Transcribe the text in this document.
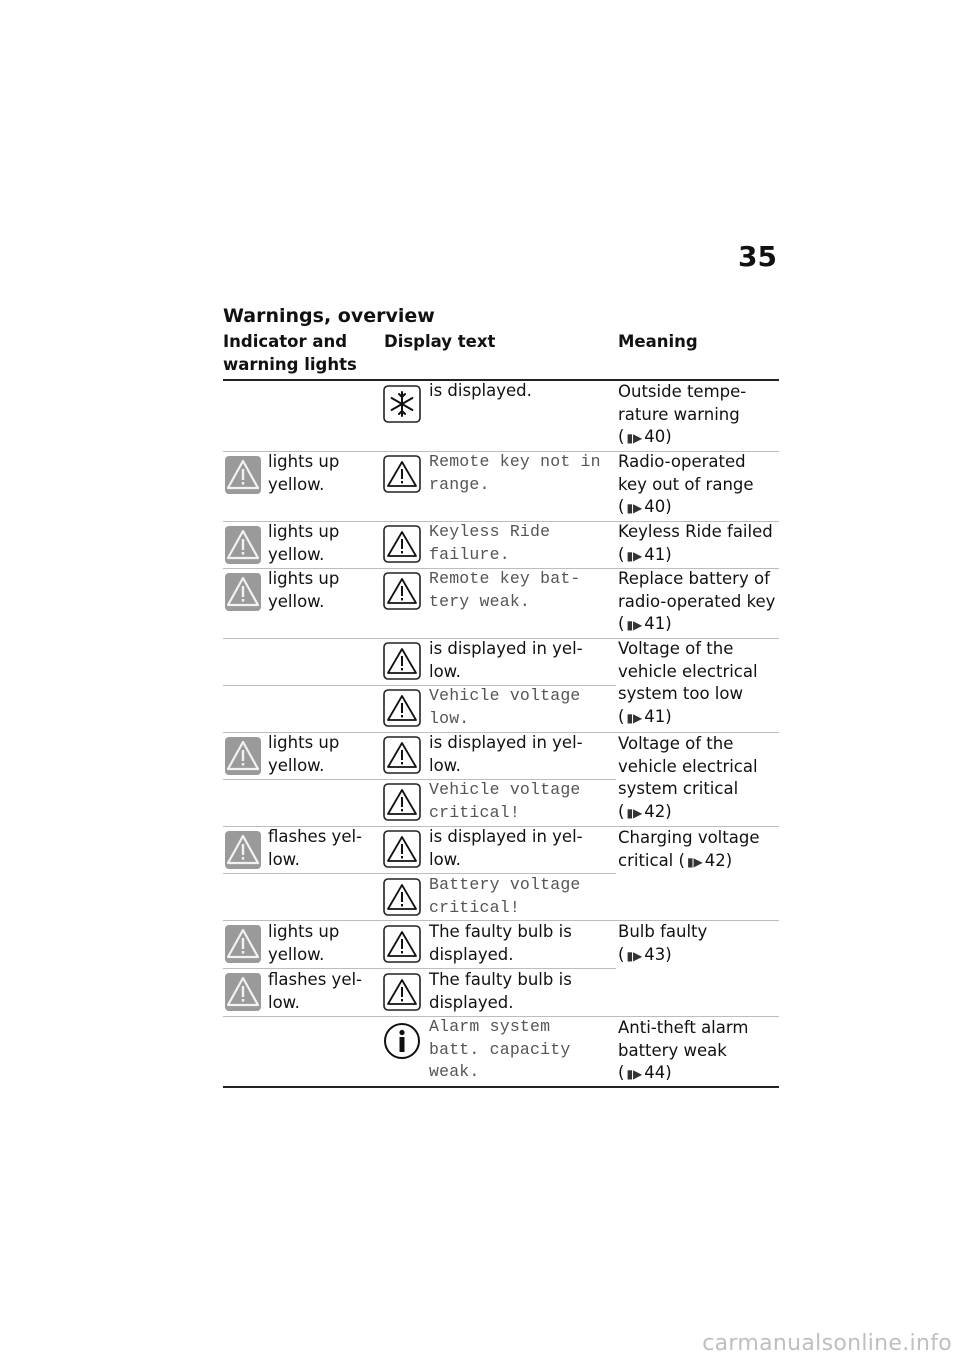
35
Warnings, overview
Indicator and warning lights
Display text	Meaning
is displayed.	Outside tempe-rature warning
( ▮▶ 40)
lights up yellow.
Remote key not in range.
Radio-operated key out of range
( ▮▶ 40)
lights up yellow.
Keyless Ride failure.
Keyless Ride failed ( ▮▶ 41)
lights up yellow.
Remote key bat-tery weak.
Replace battery of radio-operated key ( ▮▶ 41)
is displayed in yel-low.
Voltage of the vehicle electrical system too low
( ▮▶ 41)
Vehicle voltage low.
lights up yellow.
is displayed in yel-low.
Voltage of the vehicle electrical system critical
( ▮▶ 42)
Vehicle voltage critical!
flashes yel-low.
is displayed in yel-low.
Charging voltage critical ( ▮▶ 42)
Battery voltage critical!
lights up yellow.
The faulty bulb is displayed.
Bulb faulty
( ▮▶ 43)
flashes yel-low.
The faulty bulb is displayed.
Alarm system batt. capacity weak.
Anti-theft alarm battery weak
( ▮▶ 44)
carmanualsonline.info
